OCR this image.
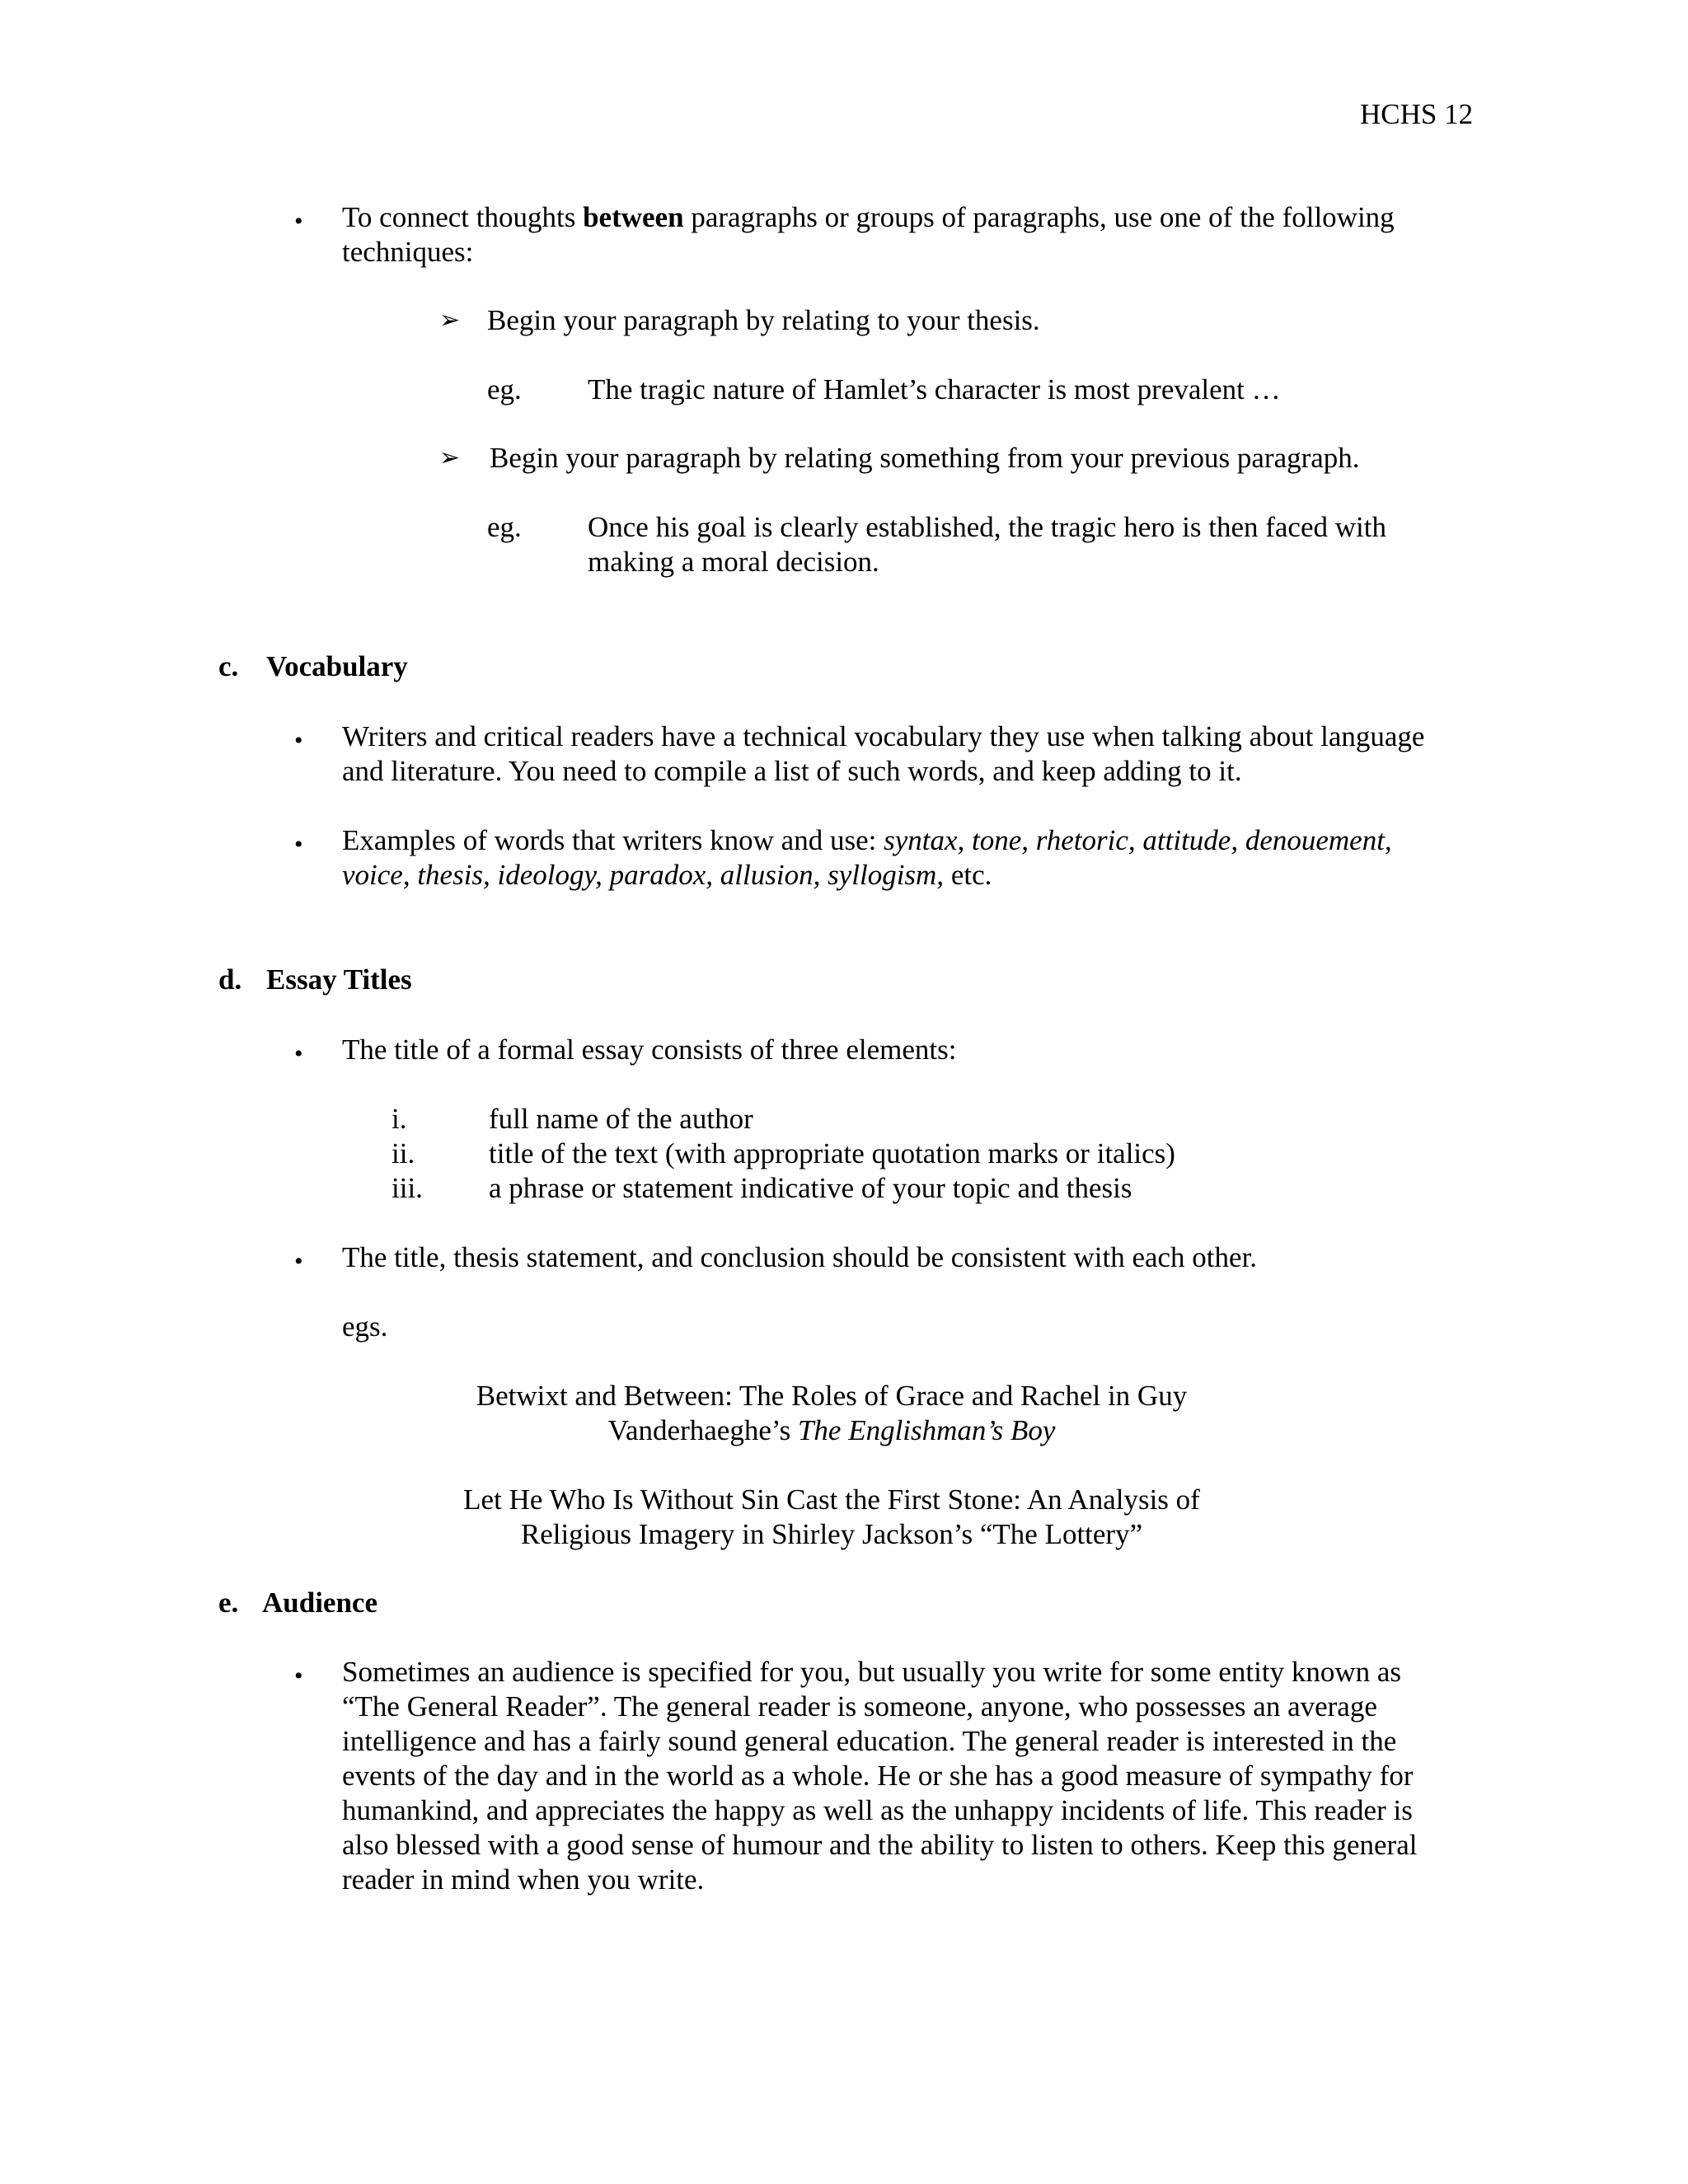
HCHS 12
• To connect thoughts between paragraphs or groups of paragraphs, use one of the following
techniques:
➢ Begin your paragraph by relating to your thesis.
eg. The tragic nature of Hamlet’s character is most prevalent …
➢ Begin your paragraph by relating something from your previous paragraph.
eg. Once his goal is clearly established, the tragic hero is then faced with
making a moral decision.
c. Vocabulary
• Writers and critical readers have a technical vocabulary they use when talking about language
and literature. You need to compile a list of such words, and keep adding to it.
• Examples of words that writers know and use: syntax, tone, rhetoric, attitude, denouement,
voice, thesis, ideology, paradox, allusion, syllogism, etc.
d. Essay Titles
• The title of a formal essay consists of three elements:
i.	full name of the author
ii.	title of the text (with appropriate quotation marks or italics)
iii. a phrase or statement indicative of your topic and thesis
• The title, thesis statement, and conclusion should be consistent with each other.
egs.
Betwixt and Between: The Roles of Grace and Rachel in Guy
Vanderhaeghe’s The Englishman’s Boy
Let He Who Is Without Sin Cast the First Stone: An Analysis of
Religious Imagery in Shirley Jackson’s “The Lottery”
e. Audience
• Sometimes an audience is specified for you, but usually you write for some entity known as
“The General Reader”. The general reader is someone, anyone, who possesses an average
intelligence and has a fairly sound general education. The general reader is interested in the
events of the day and in the world as a whole. He or she has a good measure of sympathy for
humankind, and appreciates the happy as well as the unhappy incidents of life. This reader is
also blessed with a good sense of humour and the ability to listen to others. Keep this general
reader in mind when you write.
